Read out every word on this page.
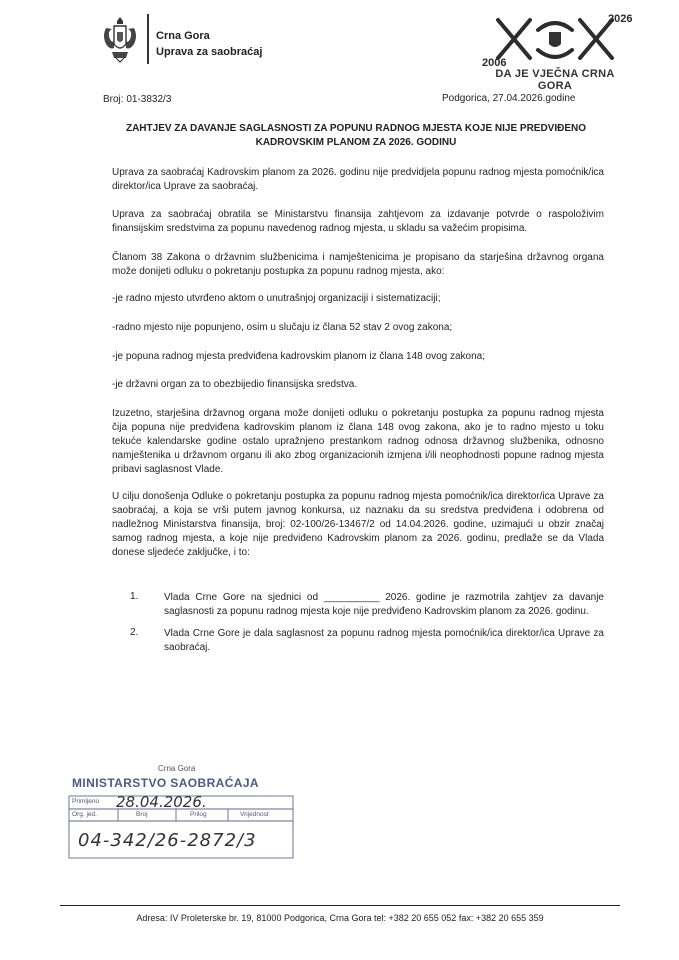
Crna Gora
Uprava za saobraćaj
2026
2006
DA JE VJEČNA CRNA GORA
Broj: 01-3832/3	Podgorica, 27.04.2026.godine
ZAHTJEV ZA DAVANJE SAGLASNOSTI ZA POPUNU RADNOG MJESTA KOJE NIJE PREDVIĐENO
KADROVSKIM PLANOM ZA 2026. GODINU
Uprava za saobraćaj Kadrovskim planom za 2026. godinu nije predvidjela popunu radnog mjesta pomoćnik/ica direktor/ica Uprave za saobraćaj.
Uprava za saobraćaj obratila se Ministarstvu finansija zahtjevom za izdavanje potvrde o raspoloživim finansijskim sredstvima za popunu navedenog radnog mjesta, u skladu sa važećim propisima.
Članom 38 Zakona o državnim službenicima i namještenicima je propisano da starješina državnog organa može donijeti odluku o pokretanju postupka za popunu radnog mjesta, ako:
-je radno mjesto utvrđeno aktom o unutrašnjoj organizaciji i sistematizaciji;
-radno mjesto nije popunjeno, osim u slučaju iz člana 52 stav 2 ovog zakona;
-je popuna radnog mjesta predviđena kadrovskim planom iz člana 148 ovog zakona;
-je državni organ za to obezbijedio finansijska sredstva.
Izuzetno, starješina državnog organa može donijeti odluku o pokretanju postupka za popunu radnog mjesta čija popuna nije predviđena kadrovskim planom iz člana 148 ovog zakona, ako je to radno mjesto u toku tekuće kalendarske godine ostalo upražnjeno prestankom radnog odnosa državnog službenika, odnosno namještenika u državnom organu ili ako zbog organizacionih izmjena i/ili neophodnosti popune radnog mjesta pribavi saglasnost Vlade.
U cilju donošenja Odluke o pokretanju postupka za popunu radnog mjesta pomoćnik/ica direktor/ica Uprave za saobraćaj, a koja se vrši putem javnog konkursa, uz naznaku da su sredstva predviđena i odobrena od nadležnog Ministarstva finansija, broj: 02-100/26-13467/2 od 14.04.2026. godine, uzimajući u obzir značaj samog radnog mjesta, a koje nije predviđeno Kadrovskim planom za 2026. godinu, predlaže se da Vlada donese sljedeće zaključke, i to:
1.	Vlada Crne Gore na sjednici od __________ 2026. godine je razmotrila zahtjev za davanje saglasnosti za popunu radnog mjesta koje nije predviđeno Kadrovskim planom za 2026. godinu.
2.	Vlada Crne Gore je dala saglasnost za popunu radnog mjesta pomoćnik/ica direktor/ica Uprave za saobraćaj.
Crna Gora
MINISTARSTVO SAOBRAĆAJA
Primljeno 28.04.2026.
Org. jed.	Broj	Prilog	Vrijednost
04-342/26-2872/3
Adresa: IV Proleterske br. 19, 81000 Podgorica, Crna Gora tel: +382 20 655 052 fax: +382 20 655 359
